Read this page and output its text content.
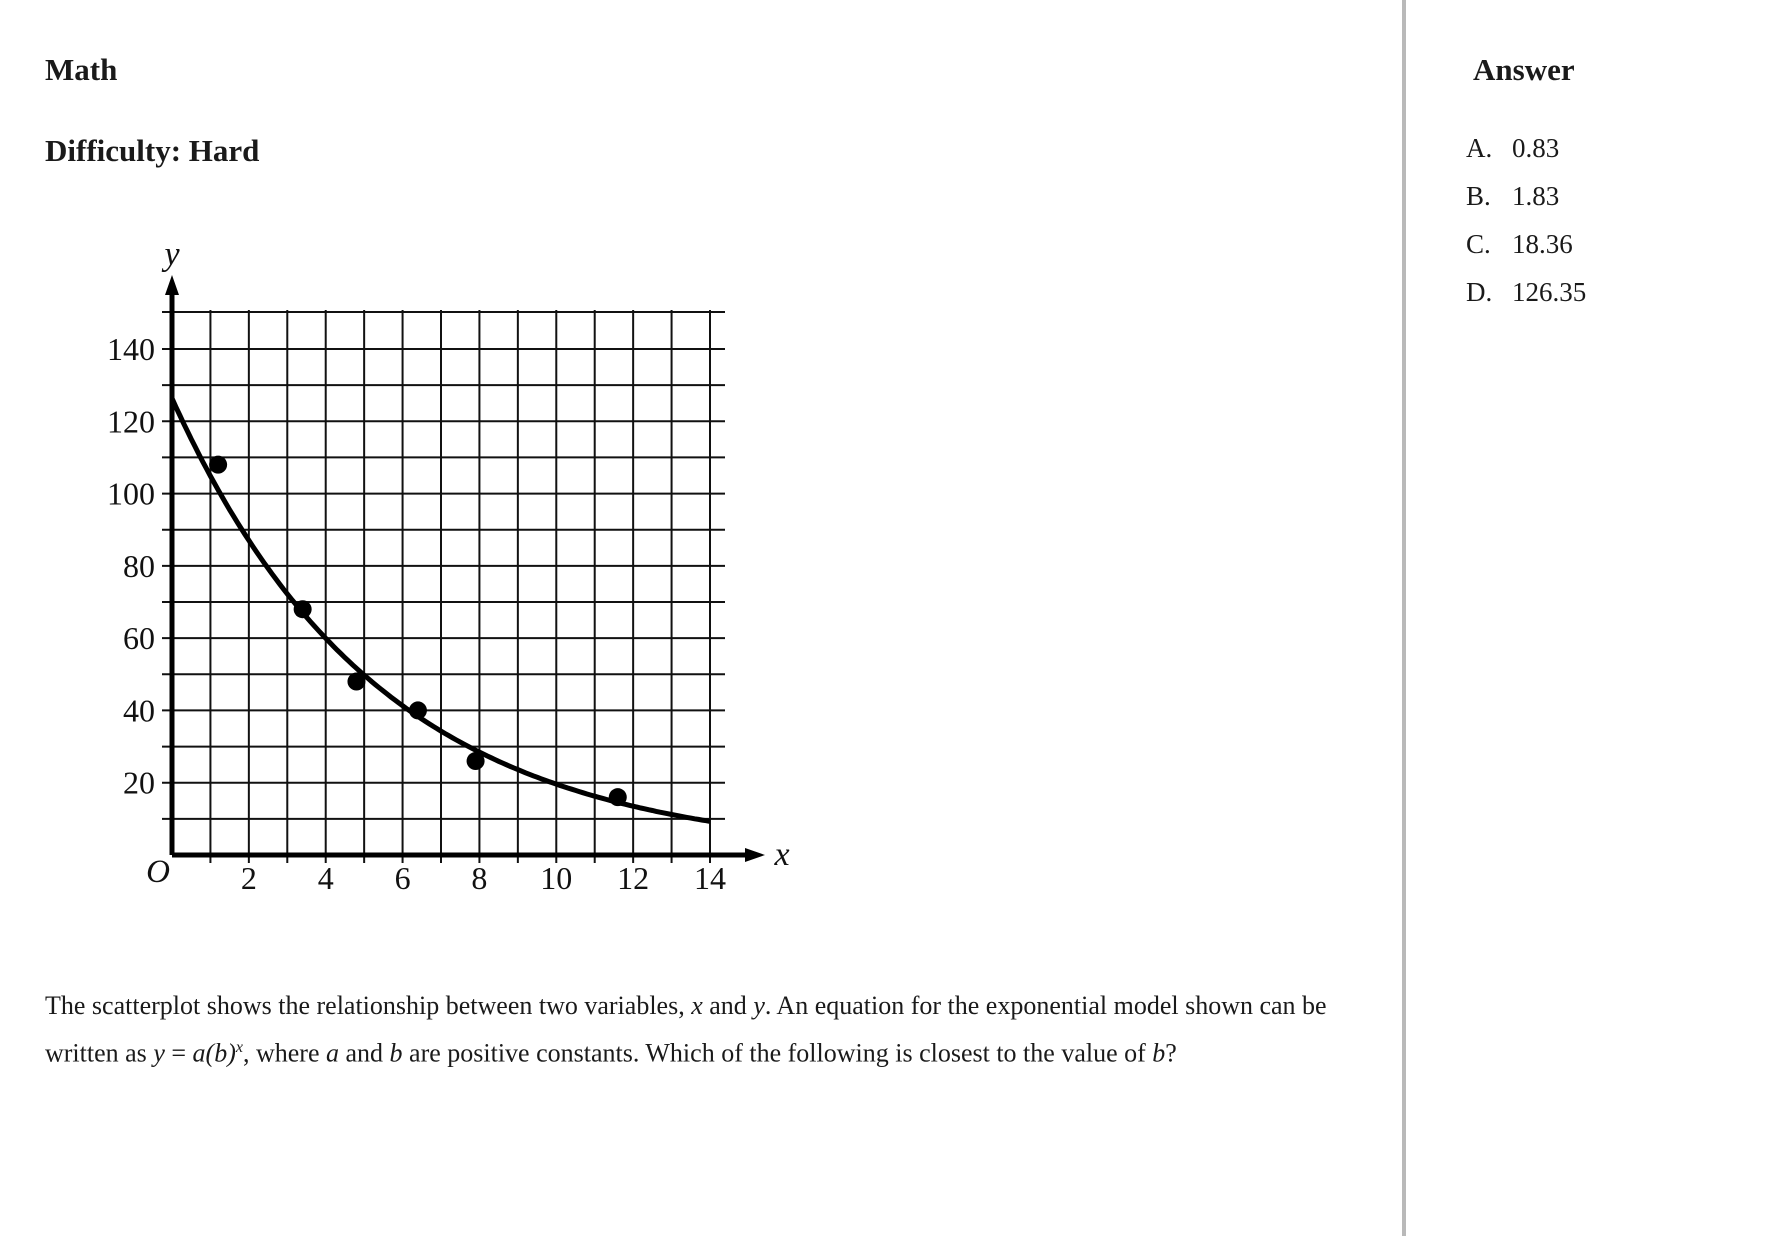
Math
Difficulty: Hard
20
40
60
80
100
120
140
2 4 6 8 10 12 14
O
y
x
The scatterplot shows the relationship between two variables, x and y. An equation for the exponential model shown can be written as $y = a(b)^x$, where a and b are positive constants. Which of the following is closest to the value of b?
Answer
A. 0.83
B. 1.83
C. 18.36
D. 126.35
